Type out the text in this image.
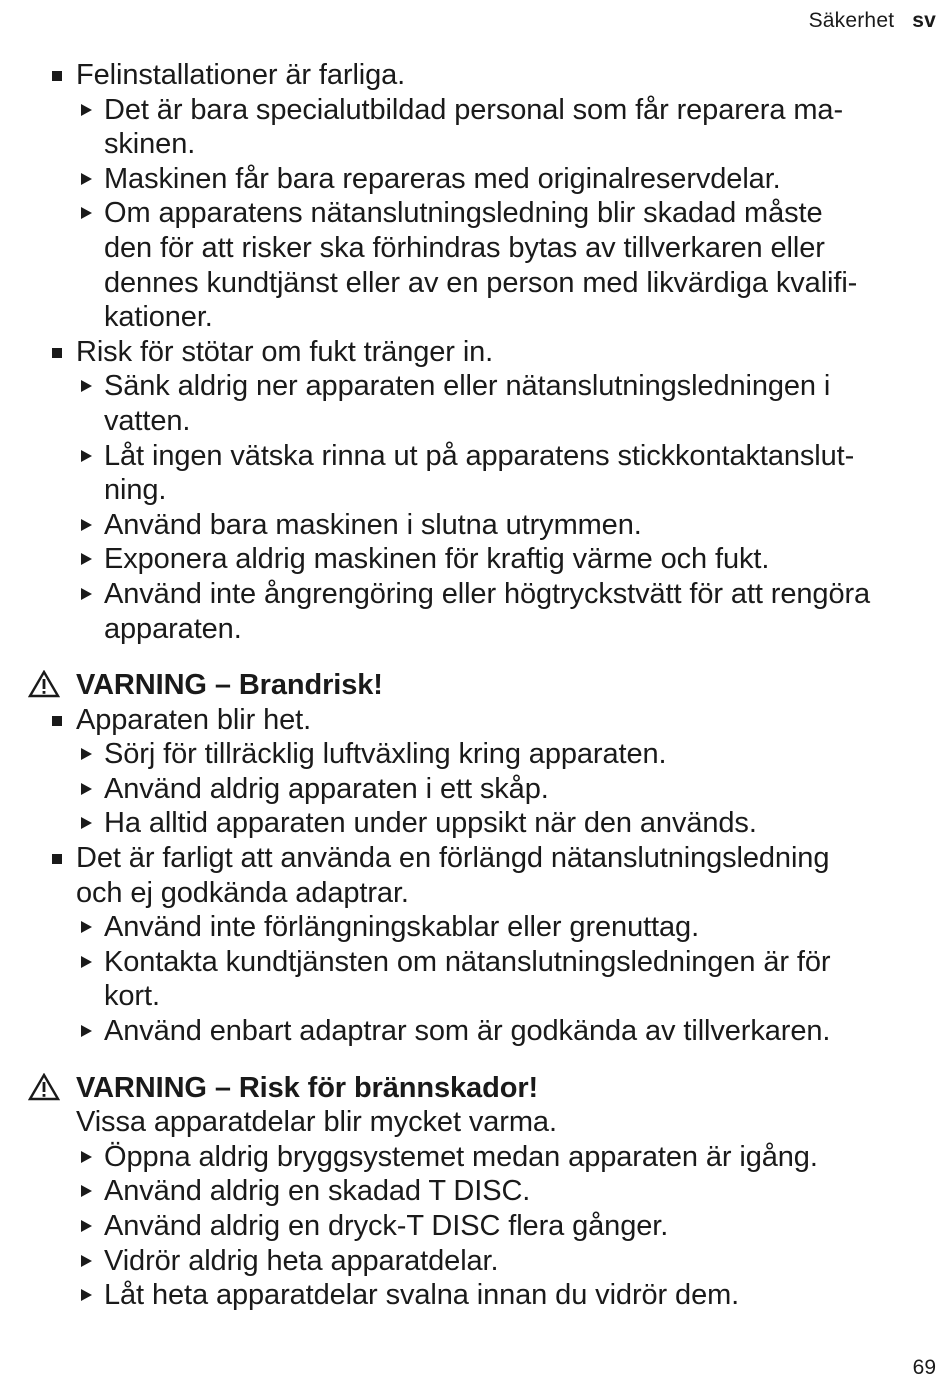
Säkerhet sv
Felinstallationer är farliga.
Det är bara specialutbildad personal som får reparera ma-
skinen.
Maskinen får bara repareras med originalreservdelar.
Om apparatens nätanslutningsledning blir skadad måste
den för att risker ska förhindras bytas av tillverkaren eller
dennes kundtjänst eller av en person med likvärdiga kvalifi-
kationer.
Risk för stötar om fukt tränger in.
Sänk aldrig ner apparaten eller nätanslutningsledningen i
vatten.
Låt ingen vätska rinna ut på apparatens stickkontaktanslut-
ning.
Använd bara maskinen i slutna utrymmen.
Exponera aldrig maskinen för kraftig värme och fukt.
Använd inte ångrengöring eller högtryckstvätt för att rengöra
apparaten.
VARNING – Brandrisk!
Apparaten blir het.
Sörj för tillräcklig luftväxling kring apparaten.
Använd aldrig apparaten i ett skåp.
Ha alltid apparaten under uppsikt när den används.
Det är farligt att använda en förlängd nätanslutningsledning
och ej godkända adaptrar.
Använd inte förlängningskablar eller grenuttag.
Kontakta kundtjänsten om nätanslutningsledningen är för
kort.
Använd enbart adaptrar som är godkända av tillverkaren.
VARNING – Risk för brännskador!
Vissa apparatdelar blir mycket varma.
Öppna aldrig bryggsystemet medan apparaten är igång.
Använd aldrig en skadad T DISC.
Använd aldrig en dryck-T DISC flera gånger.
Vidrör aldrig heta apparatdelar.
Låt heta apparatdelar svalna innan du vidrör dem.
69
